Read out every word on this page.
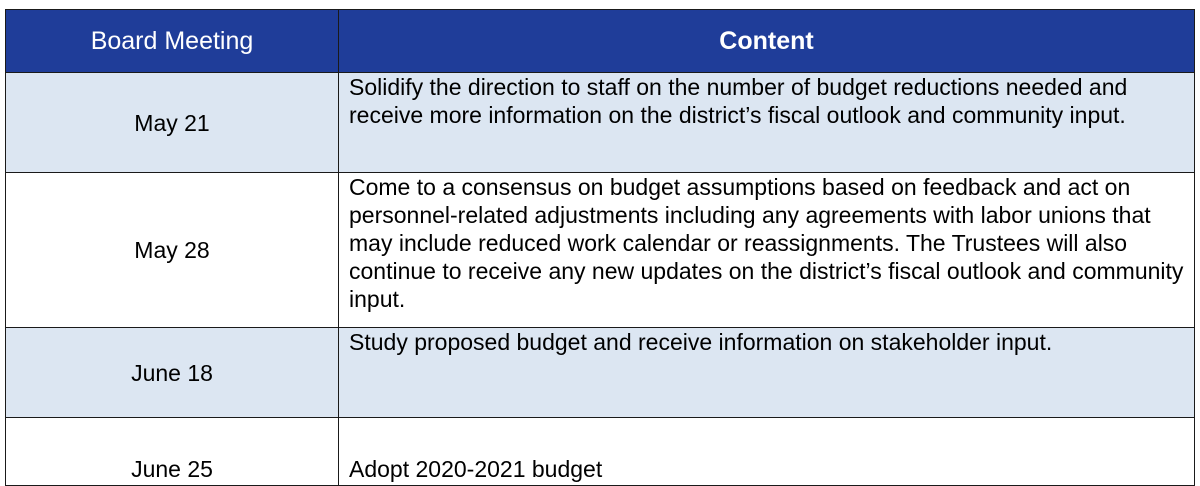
Board Meeting	Content
May 21	Solidify the direction to staff on the number of budget reductions needed and receive more information on the district’s fiscal outlook and community input.
May 28	Come to a consensus on budget assumptions based on feedback and act on personnel-related adjustments including any agreements with labor unions that may include reduced work calendar or reassignments. The Trustees will also continue to receive any new updates on the district’s fiscal outlook and community input.
June 18	Study proposed budget and receive information on stakeholder input.
June 25	Adopt 2020-2021 budget
